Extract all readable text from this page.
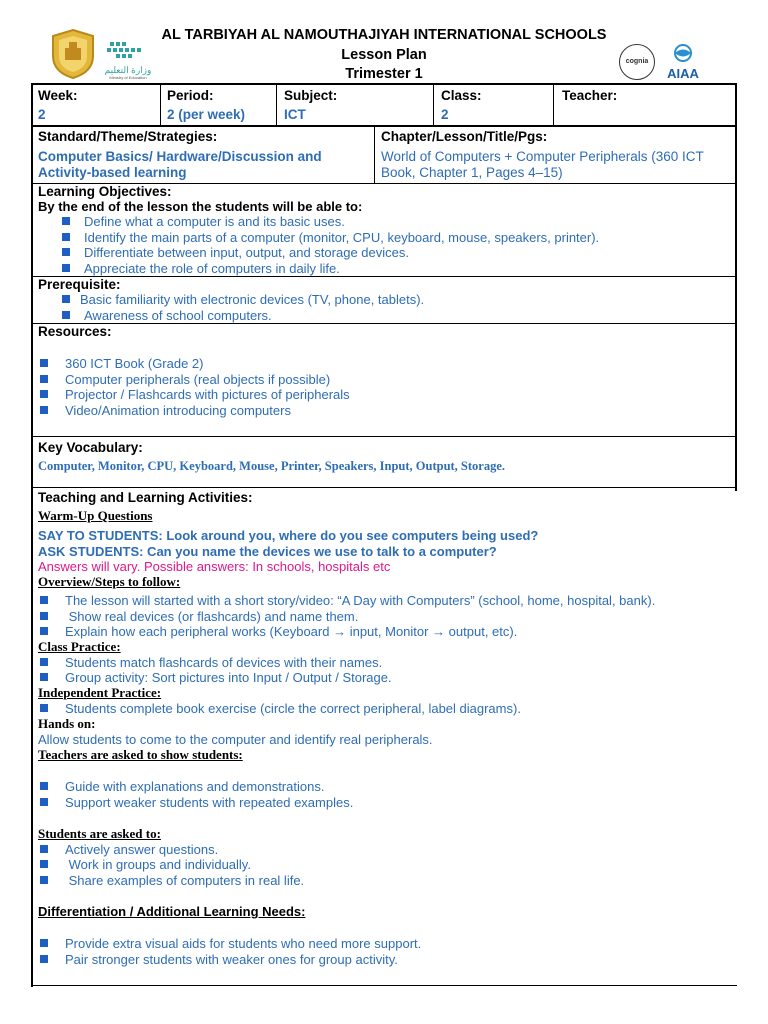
وزارة التعليم
Ministry of Education
AL TARBIYAH AL NAMOUTHAJIYAH INTERNATIONAL SCHOOLS
Lesson Plan
Trimester 1
cognia
AIAA
Week:
2
Period:
2 (per week)
Subject:
ICT
Class:
2
Teacher:
Standard/Theme/Strategies:
Computer Basics/ Hardware/Discussion and
Activity-based learning
Chapter/Lesson/Title/Pgs:
World of Computers + Computer Peripherals (360 ICT
Book, Chapter 1, Pages 4–15)
Learning Objectives:
By the end of the lesson the students will be able to:
Define what a computer is and its basic uses.
Identify the main parts of a computer (monitor, CPU, keyboard, mouse, speakers, printer).
Differentiate between input, output, and storage devices.
Appreciate the role of computers in daily life.
Prerequisite:
Basic familiarity with electronic devices (TV, phone, tablets).
Awareness of school computers.
Resources:
360 ICT Book (Grade 2)
Computer peripherals (real objects if possible)
Projector / Flashcards with pictures of peripherals
Video/Animation introducing computers
Key Vocabulary:
Computer, Monitor, CPU, Keyboard, Mouse, Printer, Speakers, Input, Output, Storage.
Teaching and Learning Activities:
Warm-Up Questions
SAY TO STUDENTS: Look around you, where do you see computers being used?
ASK STUDENTS: Can you name the devices we use to talk to a computer?
Answers will vary. Possible answers: In schools, hospitals etc
Overview/Steps to follow:
The lesson will started with a short story/video: “A Day with Computers” (school, home, hospital, bank).
Show real devices (or flashcards) and name them.
Explain how each peripheral works (Keyboard → input, Monitor → output, etc).
Class Practice:
Students match flashcards of devices with their names.
Group activity: Sort pictures into Input / Output / Storage.
Independent Practice:
Students complete book exercise (circle the correct peripheral, label diagrams).
Hands on:
Allow students to come to the computer and identify real peripherals.
Teachers are asked to show students:
Guide with explanations and demonstrations.
Support weaker students with repeated examples.
Students are asked to:
Actively answer questions.
Work in groups and individually.
Share examples of computers in real life.
Differentiation / Additional Learning Needs:
Provide extra visual aids for students who need more support.
Pair stronger students with weaker ones for group activity.
